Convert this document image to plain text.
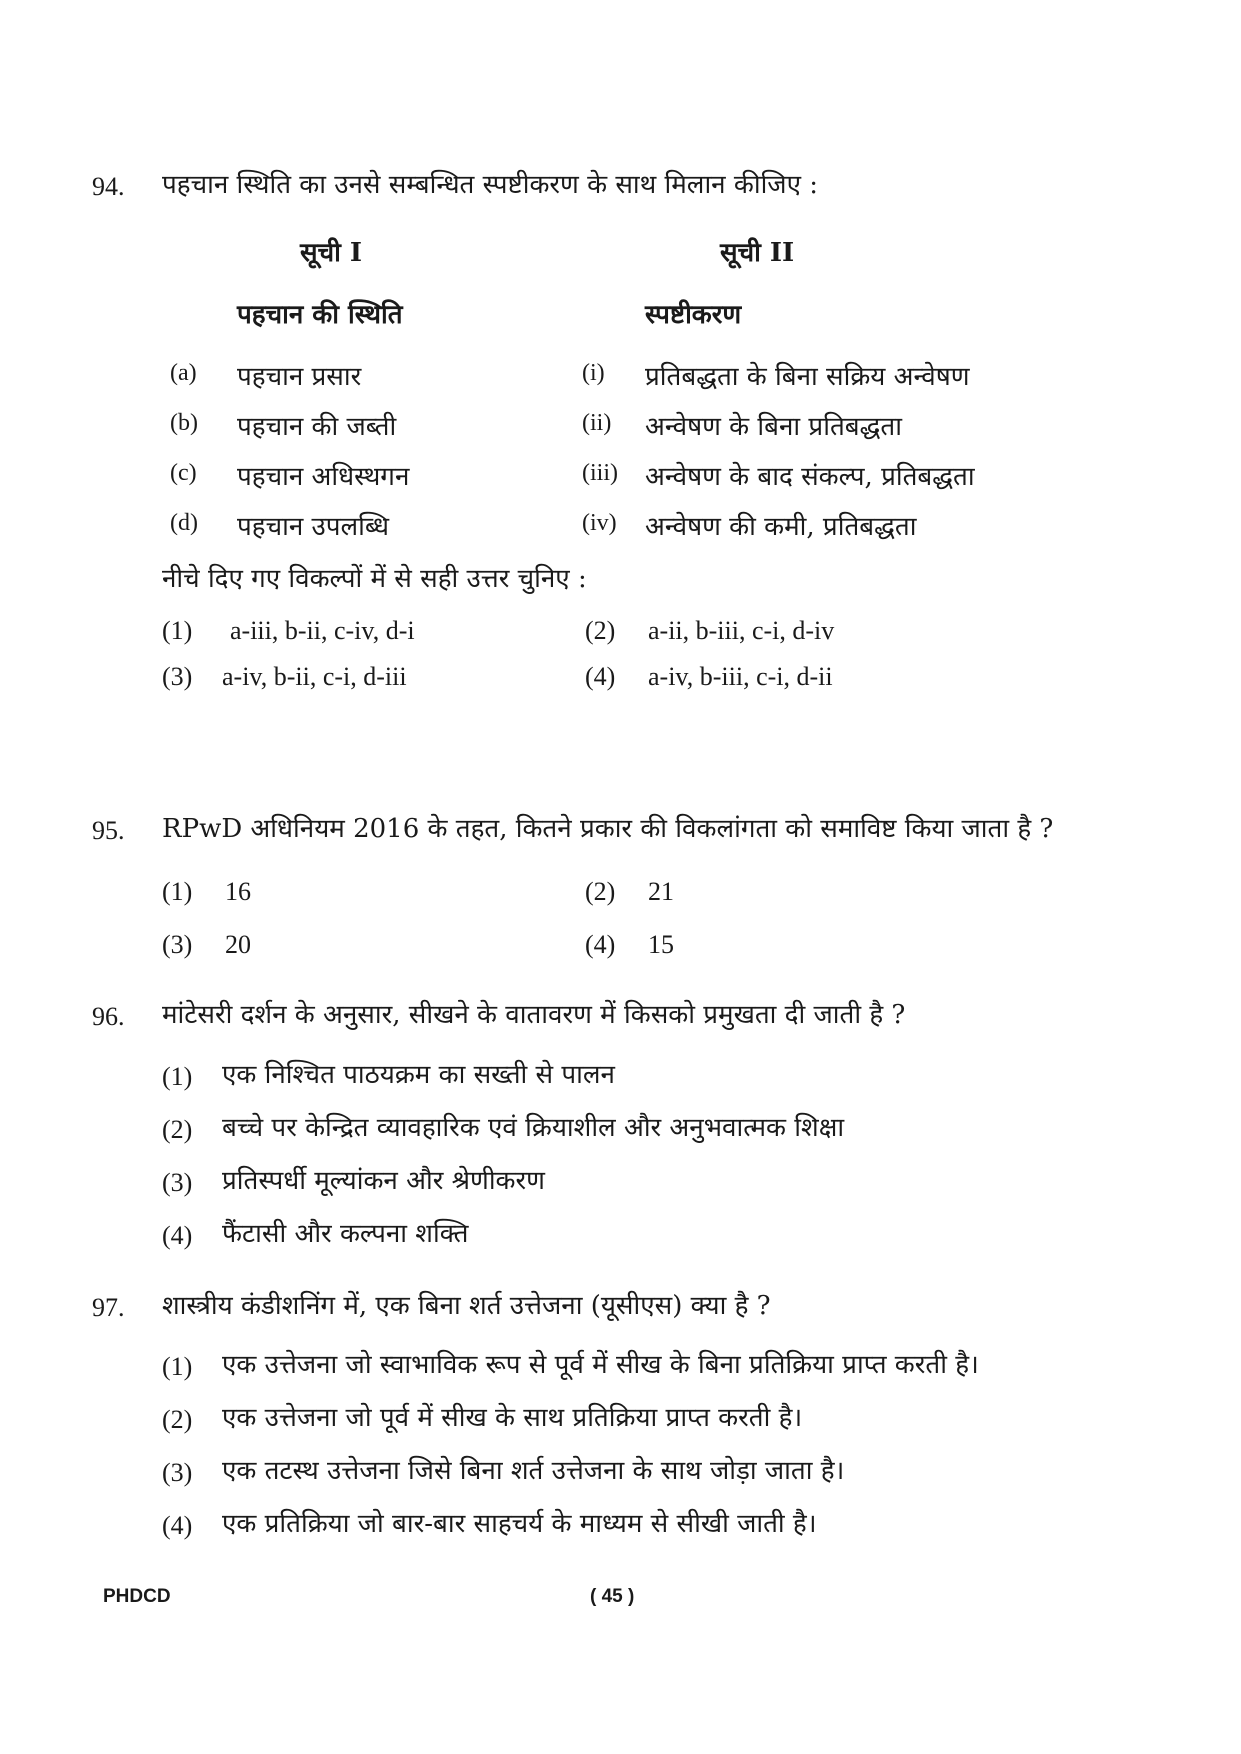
94. पहचान स्थिति का उनसे सम्बन्धित स्पष्टीकरण के साथ मिलान कीजिए :
सूची I	सूची II
पहचान की स्थिति	स्पष्टीकरण
(a) पहचान प्रसार	(i) प्रतिबद्धता के बिना सक्रिय अन्वेषण
(b) पहचान की जब्ती	(ii) अन्वेषण के बिना प्रतिबद्धता
(c) पहचान अधिस्थगन	(iii) अन्वेषण के बाद संकल्प, प्रतिबद्धता
(d) पहचान उपलब्धि	(iv) अन्वेषण की कमी, प्रतिबद्धता
नीचे दिए गए विकल्पों में से सही उत्तर चुनिए :
(1) a-iii, b-ii, c-iv, d-i	(2) a-ii, b-iii, c-i, d-iv
(3) a-iv, b-ii, c-i, d-iii	(4) a-iv, b-iii, c-i, d-ii
95. RPwD अधिनियम 2016 के तहत, कितने प्रकार की विकलांगता को समाविष्ट किया जाता है ?
(1) 16	(2) 21
(3) 20	(4) 15
96. मांटेसरी दर्शन के अनुसार, सीखने के वातावरण में किसको प्रमुखता दी जाती है ?
(1) एक निश्चित पाठयक्रम का सख्ती से पालन
(2) बच्चे पर केन्द्रित व्यावहारिक एवं क्रियाशील और अनुभवात्मक शिक्षा
(3) प्रतिस्पर्धी मूल्यांकन और श्रेणीकरण
(4) फैंटासी और कल्पना शक्ति
97. शास्त्रीय कंडीशनिंग में, एक बिना शर्त उत्तेजना (यूसीएस) क्या है ?
(1) एक उत्तेजना जो स्वाभाविक रूप से पूर्व में सीख के बिना प्रतिक्रिया प्राप्त करती है।
(2) एक उत्तेजना जो पूर्व में सीख के साथ प्रतिक्रिया प्राप्त करती है।
(3) एक तटस्थ उत्तेजना जिसे बिना शर्त उत्तेजना के साथ जोड़ा जाता है।
(4) एक प्रतिक्रिया जो बार-बार साहचर्य के माध्यम से सीखी जाती है।
PHDCD	( 45 )
